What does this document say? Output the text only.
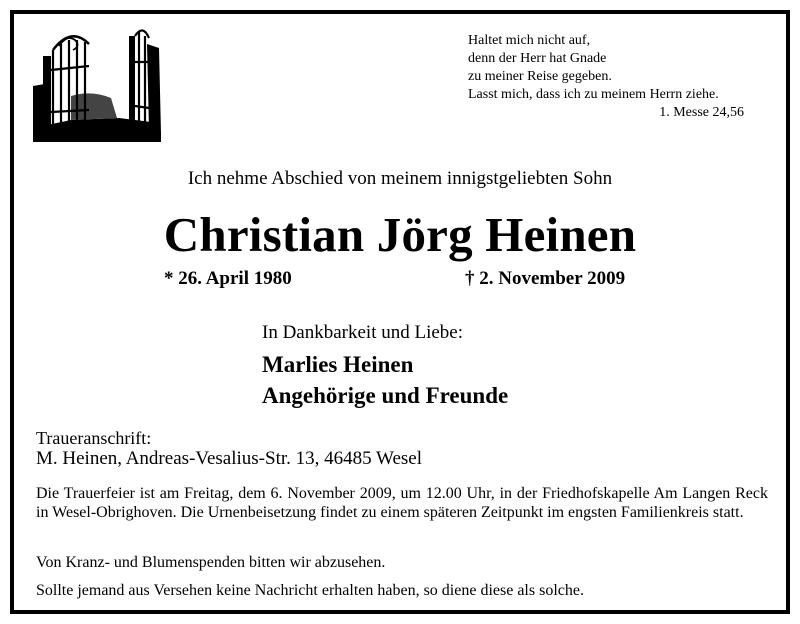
Haltet mich nicht auf,
denn der Herr hat Gnade
zu meiner Reise gegeben.
Lasst mich, dass ich zu meinem Herrn ziehe.
1. Messe 24,56
Ich nehme Abschied von meinem innigstgeliebten Sohn
Christian Jörg Heinen
* 26. April 1980	† 2. November 2009
In Dankbarkeit und Liebe:
Marlies Heinen
Angehörige und Freunde
Traueranschrift:
M. Heinen, Andreas-Vesalius-Str. 13, 46485 Wesel
Die Trauerfeier ist am Freitag, dem 6. November 2009, um 12.00 Uhr, in der Friedhofskapelle Am Langen Reck in Wesel-Obrighoven. Die Urnenbeisetzung findet zu einem späteren Zeitpunkt im engsten Familienkreis statt.
Von Kranz- und Blumenspenden bitten wir abzusehen.
Sollte jemand aus Versehen keine Nachricht erhalten haben, so diene diese als solche.
